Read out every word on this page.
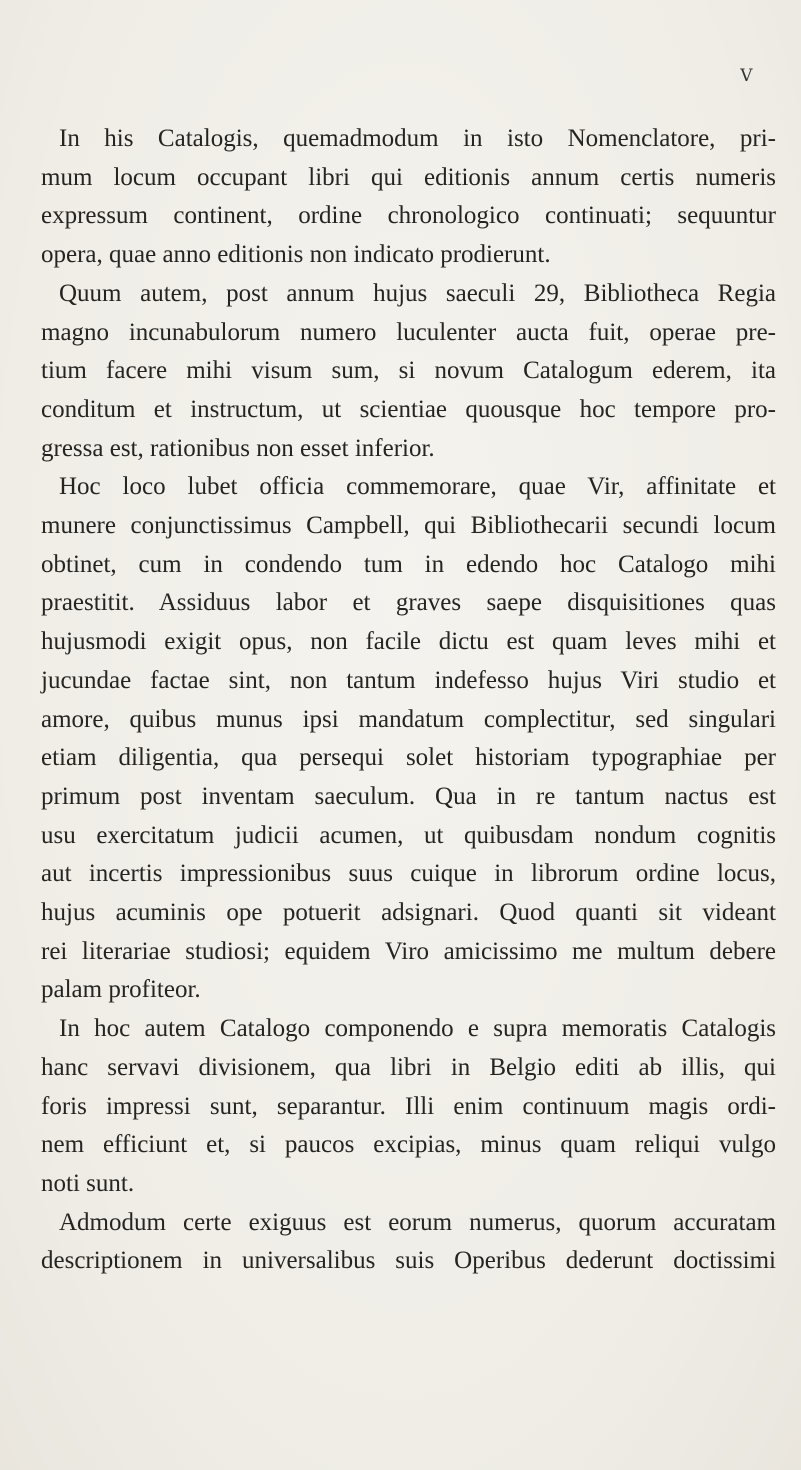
V
In his Catalogis, quemadmodum in isto Nomenclatore, pri-
mum locum occupant libri qui editionis annum certis numeris
expressum continent, ordine chronologico continuati; sequuntur
opera, quae anno editionis non indicato prodierunt.
Quum autem, post annum hujus saeculi 29, Bibliotheca Regia
magno incunabulorum numero luculenter aucta fuit, operae pre-
tium facere mihi visum sum, si novum Catalogum ederem, ita
conditum et instructum, ut scientiae quousque hoc tempore pro-
gressa est, rationibus non esset inferior.
Hoc loco lubet officia commemorare, quae Vir, affinitate et
munere conjunctissimus Campbell, qui Bibliothecarii secundi locum
obtinet, cum in condendo tum in edendo hoc Catalogo mihi
praestitit. Assiduus labor et graves saepe disquisitiones quas
hujusmodi exigit opus, non facile dictu est quam leves mihi et
jucundae factae sint, non tantum indefesso hujus Viri studio et
amore, quibus munus ipsi mandatum complectitur, sed singulari
etiam diligentia, qua persequi solet historiam typographiae per
primum post inventam saeculum. Qua in re tantum nactus est
usu exercitatum judicii acumen, ut quibusdam nondum cognitis
aut incertis impressionibus suus cuique in librorum ordine locus,
hujus acuminis ope potuerit adsignari. Quod quanti sit videant
rei literariae studiosi; equidem Viro amicissimo me multum debere
palam profiteor.
In hoc autem Catalogo componendo e supra memoratis Catalogis
hanc servavi divisionem, qua libri in Belgio editi ab illis, qui
foris impressi sunt, separantur. Illi enim continuum magis ordi-
nem efficiunt et, si paucos excipias, minus quam reliqui vulgo
noti sunt.
Admodum certe exiguus est eorum numerus, quorum accuratam
descriptionem in universalibus suis Operibus dederunt doctissimi
